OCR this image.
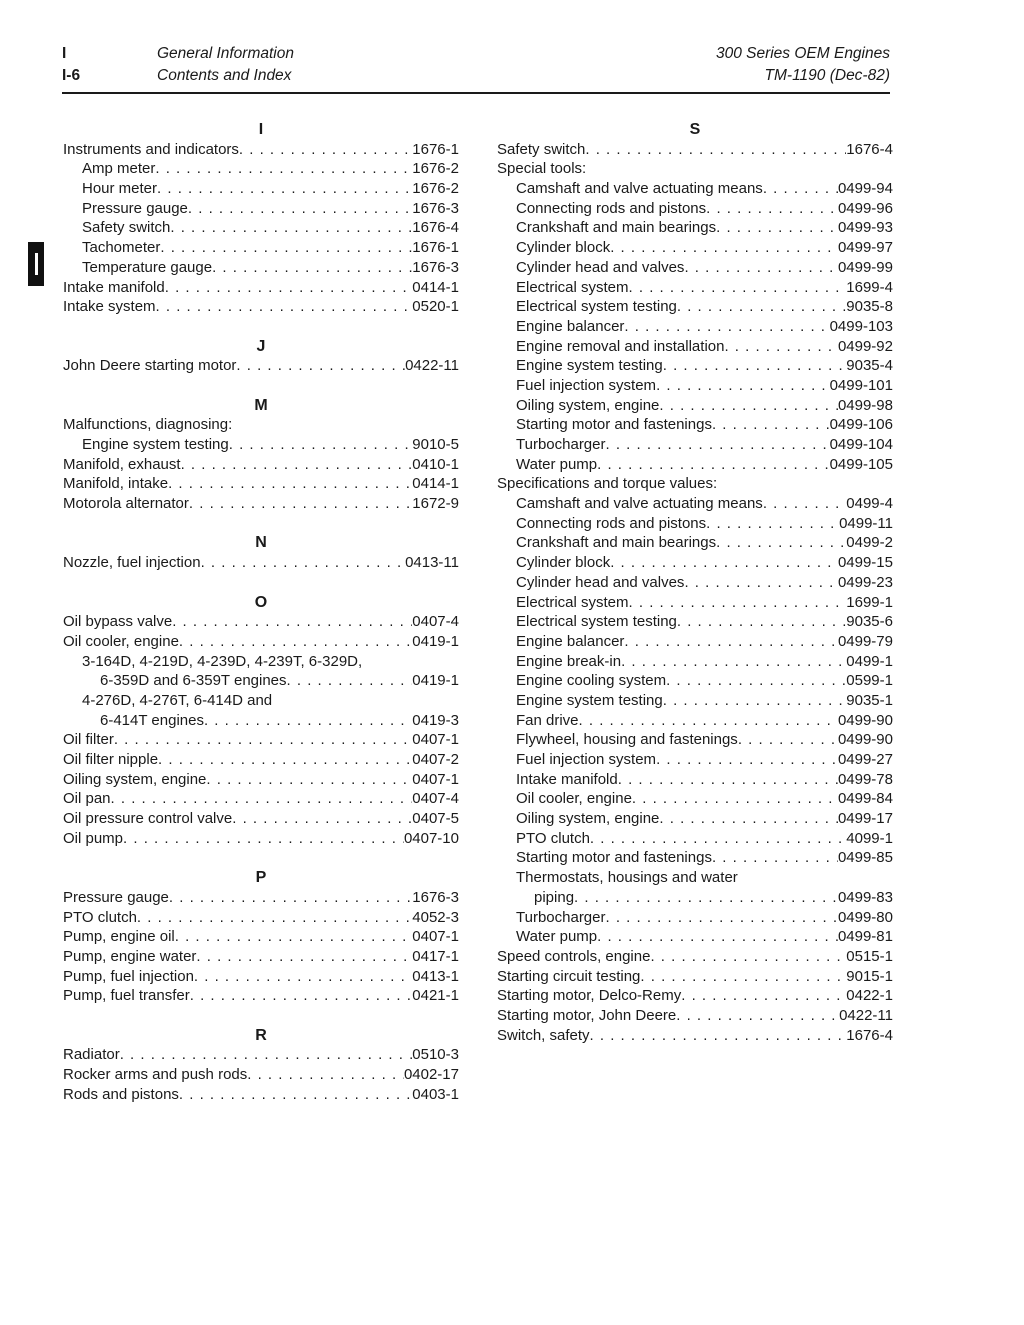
I	General Information	300 Series OEM Engines
I-6	Contents and Index	TM-1190 (Dec-82)
I
Instruments and indicators . . .	1676-1
Amp meter . . .	1676-2
Hour meter . . .	1676-2
Pressure gauge . . .	1676-3
Safety switch . . .	1676-4
Tachometer . . .	1676-1
Temperature gauge . . .	1676-3
Intake manifold . . .	0414-1
Intake system . . .	0520-1
J
John Deere starting motor . . .	0422-11
M
Malfunctions, diagnosing:
Engine system testing . . .	9010-5
Manifold, exhaust . . .	0410-1
Manifold, intake . . .	0414-1
Motorola alternator . . .	1672-9
N
Nozzle, fuel injection . . .	0413-11
O
Oil bypass valve . . .	0407-4
Oil cooler, engine . . .	0419-1
3-164D, 4-219D, 4-239D, 4-239T, 6-329D,
6-359D and 6-359T engines . . .	0419-1
4-276D, 4-276T, 6-414D and
6-414T engines . . .	0419-3
Oil filter . . .	0407-1
Oil filter nipple . . .	0407-2
Oiling system, engine . . .	0407-1
Oil pan . . .	0407-4
Oil pressure control valve . . .	0407-5
Oil pump . . .	0407-10
P
Pressure gauge . . .	1676-3
PTO clutch . . .	4052-3
Pump, engine oil . . .	0407-1
Pump, engine water . . .	0417-1
Pump, fuel injection . . .	0413-1
Pump, fuel transfer . . .	0421-1
R
Radiator . . .	0510-3
Rocker arms and push rods . . .	0402-17
Rods and pistons . . .	0403-1
S
Safety switch . . .	1676-4
Special tools:
Camshaft and valve actuating means . . .	0499-94
Connecting rods and pistons . . .	0499-96
Crankshaft and main bearings . . .	0499-93
Cylinder block . . .	0499-97
Cylinder head and valves . . .	0499-99
Electrical system . . .	1699-4
Electrical system testing . . .	9035-8
Engine balancer . . .	0499-103
Engine removal and installation . . .	0499-92
Engine system testing . . .	9035-4
Fuel injection system . . .	0499-101
Oiling system, engine . . .	0499-98
Starting motor and fastenings . . .	0499-106
Turbocharger . . .	0499-104
Water pump . . .	0499-105
Specifications and torque values:
Camshaft and valve actuating means . . .	0499-4
Connecting rods and pistons . . .	0499-11
Crankshaft and main bearings . . .	0499-2
Cylinder block . . .	0499-15
Cylinder head and valves . . .	0499-23
Electrical system . . .	1699-1
Electrical system testing . . .	9035-6
Engine balancer . . .	0499-79
Engine break-in . . .	0499-1
Engine cooling system . . .	0599-1
Engine system testing . . .	9035-1
Fan drive . . .	0499-90
Flywheel, housing and fastenings . . .	0499-90
Fuel injection system . . .	0499-27
Intake manifold . . .	0499-78
Oil cooler, engine . . .	0499-84
Oiling system, engine . . .	0499-17
PTO clutch . . .	4099-1
Starting motor and fastenings . . .	0499-85
Thermostats, housings and water
piping . . .	0499-83
Turbocharger . . .	0499-80
Water pump . . .	0499-81
Speed controls, engine . . .	0515-1
Starting circuit testing . . .	9015-1
Starting motor, Delco-Remy . . .	0422-1
Starting motor, John Deere . . .	0422-11
Switch, safety . . .	1676-4
